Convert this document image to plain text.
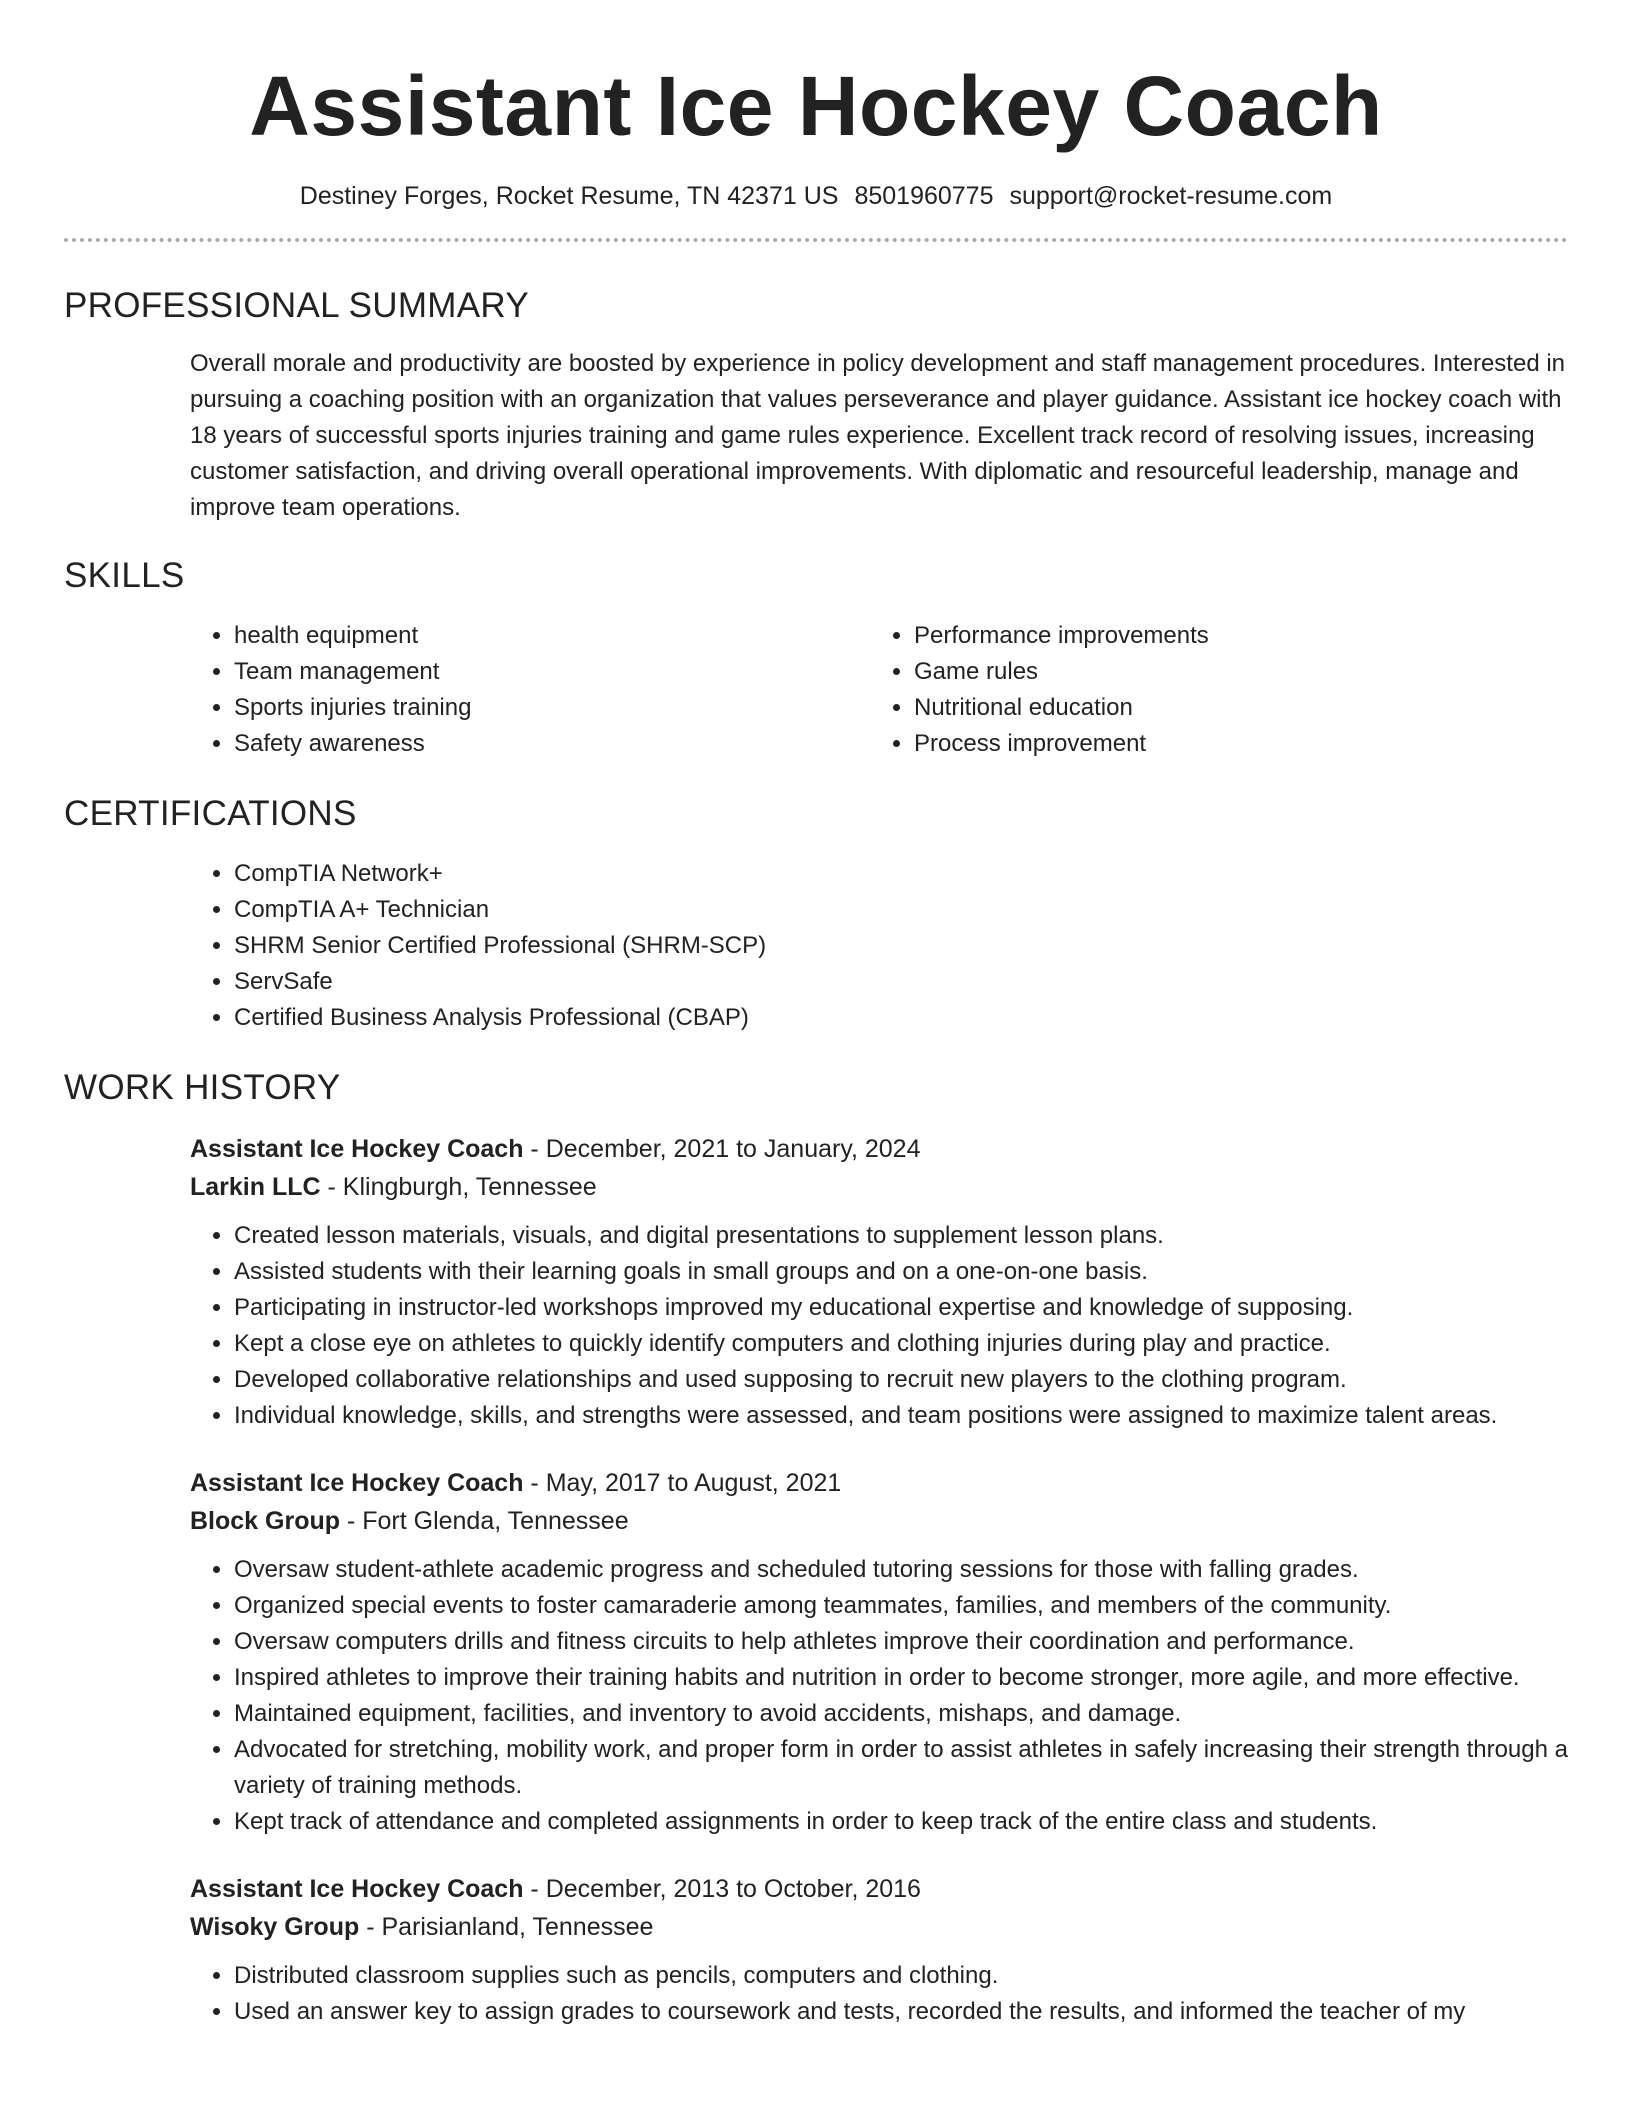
Assistant Ice Hockey Coach
Destiney Forges, Rocket Resume, TN 42371 US 8501960775 support@rocket-resume.com
PROFESSIONAL SUMMARY

Overall morale and productivity are boosted by experience in policy development and staff management procedures. Interested in pursuing a coaching position with an organization that values perseverance and player guidance. Assistant ice hockey coach with 18 years of successful sports injuries training and game rules experience. Excellent track record of resolving issues, increasing customer satisfaction, and driving overall operational improvements. With diplomatic and resourceful leadership, manage and improve team operations.

SKILLS
• health equipment
• Team management
• Sports injuries training
• Safety awareness
• Performance improvements
• Game rules
• Nutritional education
• Process improvement
CERTIFICATIONS
• CompTIA Network+
• CompTIA A+ Technician
• SHRM Senior Certified Professional (SHRM-SCP)
• ServSafe
• Certified Business Analysis Professional (CBAP)
WORK HISTORY
Assistant Ice Hockey Coach - December, 2021 to January, 2024
Larkin LLC - Klingburgh, Tennessee
• Created lesson materials, visuals, and digital presentations to supplement lesson plans.
• Assisted students with their learning goals in small groups and on a one-on-one basis.
• Participating in instructor-led workshops improved my educational expertise and knowledge of supposing.
• Kept a close eye on athletes to quickly identify computers and clothing injuries during play and practice.
• Developed collaborative relationships and used supposing to recruit new players to the clothing program.
• Individual knowledge, skills, and strengths were assessed, and team positions were assigned to maximize talent areas.
Assistant Ice Hockey Coach - May, 2017 to August, 2021
Block Group - Fort Glenda, Tennessee
• Oversaw student-athlete academic progress and scheduled tutoring sessions for those with falling grades.
• Organized special events to foster camaraderie among teammates, families, and members of the community.
• Oversaw computers drills and fitness circuits to help athletes improve their coordination and performance.
• Inspired athletes to improve their training habits and nutrition in order to become stronger, more agile, and more effective.
• Maintained equipment, facilities, and inventory to avoid accidents, mishaps, and damage.
• Advocated for stretching, mobility work, and proper form in order to assist athletes in safely increasing their strength through a variety of training methods.
• Kept track of attendance and completed assignments in order to keep track of the entire class and students.
Assistant Ice Hockey Coach - December, 2013 to October, 2016
Wisoky Group - Parisianland, Tennessee
• Distributed classroom supplies such as pencils, computers and clothing.
• Used an answer key to assign grades to coursework and tests, recorded the results, and informed the teacher of my
